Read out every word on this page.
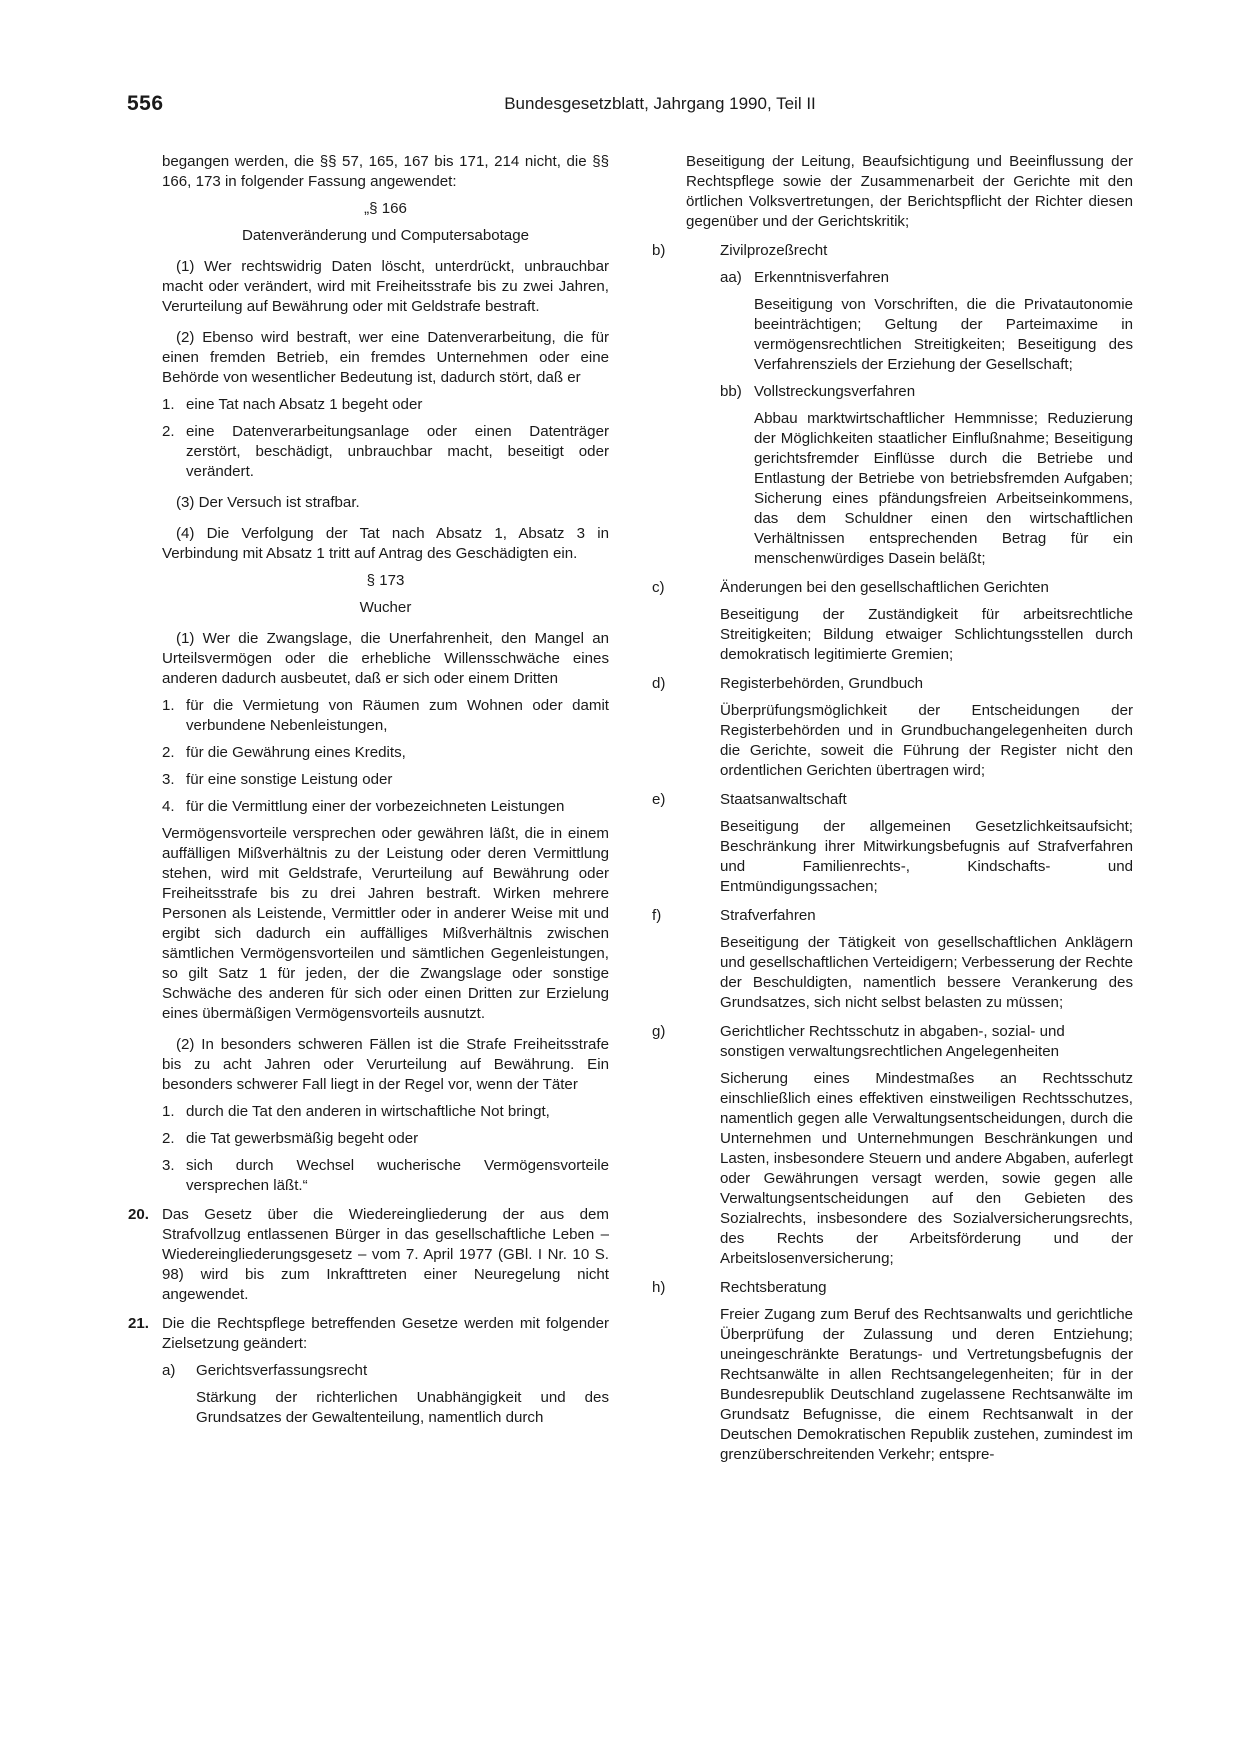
556	Bundesgesetzblatt, Jahrgang 1990, Teil II

begangen werden, die §§ 57, 165, 167 bis 171, 214 nicht, die §§ 166, 173 in folgender Fassung angewendet:

„§ 166

Datenveränderung und Computersabotage

(1) Wer rechtswidrig Daten löscht, unterdrückt, unbrauchbar macht oder verändert, wird mit Freiheitsstrafe bis zu zwei Jahren, Verurteilung auf Bewährung oder mit Geldstrafe bestraft.

(2) Ebenso wird bestraft, wer eine Datenverarbeitung, die für einen fremden Betrieb, ein fremdes Unternehmen oder eine Behörde von wesentlicher Bedeutung ist, dadurch stört, daß er

1. eine Tat nach Absatz 1 begeht oder
2. eine Datenverarbeitungsanlage oder einen Datenträger zerstört, beschädigt, unbrauchbar macht, beseitigt oder verändert.

(3) Der Versuch ist strafbar.

(4) Die Verfolgung der Tat nach Absatz 1, Absatz 3 in Verbindung mit Absatz 1 tritt auf Antrag des Geschädigten ein.

§ 173

Wucher

(1) Wer die Zwangslage, die Unerfahrenheit, den Mangel an Urteilsvermögen oder die erhebliche Willensschwäche eines anderen dadurch ausbeutet, daß er sich oder einem Dritten

1. für die Vermietung von Räumen zum Wohnen oder damit verbundene Nebenleistungen,
2. für die Gewährung eines Kredits,
3. für eine sonstige Leistung oder
4. für die Vermittlung einer der vorbezeichneten Leistungen

Vermögensvorteile versprechen oder gewähren läßt, die in einem auffälligen Mißverhältnis zu der Leistung oder deren Vermittlung stehen, wird mit Geldstrafe, Verurteilung auf Bewährung oder Freiheitsstrafe bis zu drei Jahren bestraft. Wirken mehrere Personen als Leistende, Vermittler oder in anderer Weise mit und ergibt sich dadurch ein auffälliges Mißverhältnis zwischen sämtlichen Vermögensvorteilen und sämtlichen Gegenleistungen, so gilt Satz 1 für jeden, der die Zwangslage oder sonstige Schwäche des anderen für sich oder einen Dritten zur Erzielung eines übermäßigen Vermögensvorteils ausnutzt.

(2) In besonders schweren Fällen ist die Strafe Freiheitsstrafe bis zu acht Jahren oder Verurteilung auf Bewährung. Ein besonders schwerer Fall liegt in der Regel vor, wenn der Täter

1. durch die Tat den anderen in wirtschaftliche Not bringt,
2. die Tat gewerbsmäßig begeht oder
3. sich durch Wechsel wucherische Vermögensvorteile versprechen läßt.“
20. Das Gesetz über die Wiedereingliederung der aus dem Strafvollzug entlassenen Bürger in das gesellschaftliche Leben – Wiedereingliederungsgesetz – vom 7. April 1977 (GBl. I Nr. 10 S. 98) wird bis zum Inkrafttreten einer Neuregelung nicht angewendet.
21. Die die Rechtspflege betreffenden Gesetze werden mit folgender Zielsetzung geändert:
a) Gerichtsverfassungsrecht

Stärkung der richterlichen Unabhängigkeit und des Grundsatzes der Gewaltenteilung, namentlich durch

Beseitigung der Leitung, Beaufsichtigung und Beeinflussung der Rechtspflege sowie der Zusammenarbeit der Gerichte mit den örtlichen Volksvertretungen, der Berichtspflicht der Richter diesen gegenüber und der Gerichtskritik;

b)	Zivilprozeßrecht
aa) Erkenntnisverfahren

Beseitigung von Vorschriften, die die Privatautonomie beeinträchtigen; Geltung der Parteimaxime in vermögensrechtlichen Streitigkeiten; Beseitigung des Verfahrensziels der Erziehung der Gesellschaft;

bb) Vollstreckungsverfahren

Abbau marktwirtschaftlicher Hemmnisse; Reduzierung der Möglichkeiten staatlicher Einflußnahme; Beseitigung gerichtsfremder Einflüsse durch die Betriebe und Entlastung der Betriebe von betriebsfremden Aufgaben; Sicherung eines pfändungsfreien Arbeitseinkommens, das dem Schuldner einen den wirtschaftlichen Verhältnissen entsprechenden Betrag für ein menschenwürdiges Dasein beläßt;

c)	Änderungen bei den gesellschaftlichen Gerichten

Beseitigung der Zuständigkeit für arbeitsrechtliche Streitigkeiten; Bildung etwaiger Schlichtungsstellen durch demokratisch legitimierte Gremien;

d)	Registerbehörden, Grundbuch

Überprüfungsmöglichkeit der Entscheidungen der Registerbehörden und in Grundbuchangelegenheiten durch die Gerichte, soweit die Führung der Register nicht den ordentlichen Gerichten übertragen wird;

e)	Staatsanwaltschaft

Beseitigung der allgemeinen Gesetzlichkeitsaufsicht; Beschränkung ihrer Mitwirkungsbefugnis auf Strafverfahren und Familienrechts-, Kindschafts- und Entmündigungssachen;

f)	Strafverfahren

Beseitigung der Tätigkeit von gesellschaftlichen Anklägern und gesellschaftlichen Verteidigern; Verbesserung der Rechte der Beschuldigten, namentlich bessere Verankerung des Grundsatzes, sich nicht selbst belasten zu müssen;

g)	Gerichtlicher Rechtsschutz in abgaben-, sozial- und sonstigen verwaltungsrechtlichen Angelegenheiten

Sicherung eines Mindestmaßes an Rechtsschutz einschließlich eines effektiven einstweiligen Rechtsschutzes, namentlich gegen alle Verwaltungsentscheidungen, durch die Unternehmen und Unternehmungen Beschränkungen und Lasten, insbesondere Steuern und andere Abgaben, auferlegt oder Gewährungen versagt werden, sowie gegen alle Verwaltungsentscheidungen auf den Gebieten des Sozialrechts, insbesondere des Sozialversicherungsrechts, des Rechts der Arbeitsförderung und der Arbeitslosenversicherung;

h)	Rechtsberatung

Freier Zugang zum Beruf des Rechtsanwalts und gerichtliche Überprüfung der Zulassung und deren Entziehung; uneingeschränkte Beratungs- und Vertretungsbefugnis der Rechtsanwälte in allen Rechtsangelegenheiten; für in der Bundesrepublik Deutschland zugelassene Rechtsanwälte im Grundsatz Befugnisse, die einem Rechtsanwalt in der Deutschen Demokratischen Republik zustehen, zumindest im grenzüberschreitenden Verkehr; entspre-
